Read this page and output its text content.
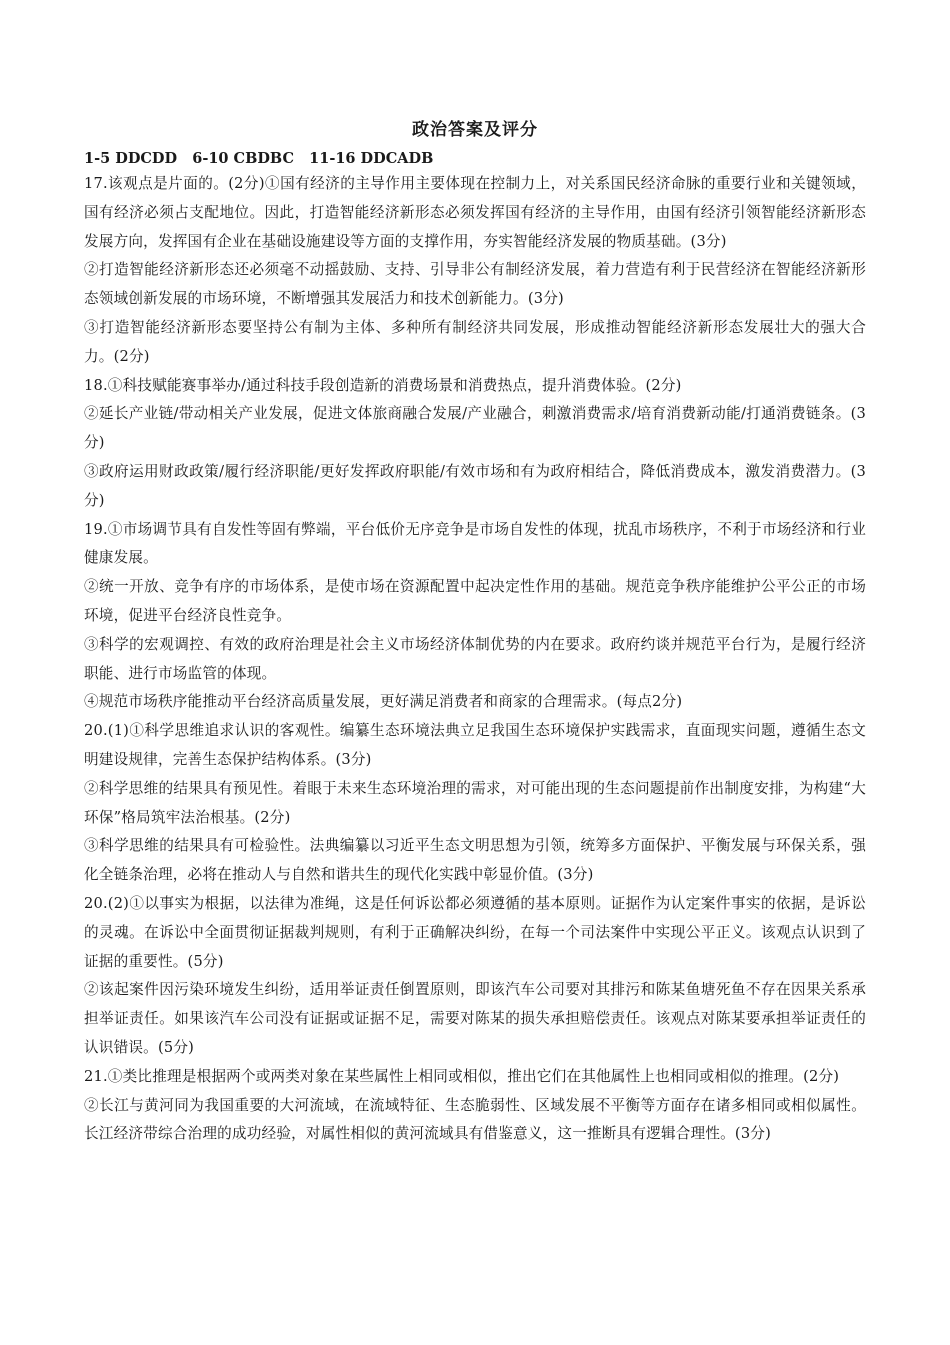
政治答案及评分

1-5 DDCDD   6-10 CBDBC   11-16 DDCADB

17.该观点是片面的。(2分)①国有经济的主导作用主要体现在控制力上，对关系国民经济命脉的重要行业和关键领域，国有经济必须占支配地位。因此，打造智能经济新形态必须发挥国有经济的主导作用，由国有经济引领智能经济新形态发展方向，发挥国有企业在基础设施建设等方面的支撑作用，夯实智能经济发展的物质基础。(3分)

②打造智能经济新形态还必须毫不动摇鼓励、支持、引导非公有制经济发展，着力营造有利于民营经济在智能经济新形态领域创新发展的市场环境，不断增强其发展活力和技术创新能力。(3分)

③打造智能经济新形态要坚持公有制为主体、多种所有制经济共同发展，形成推动智能经济新形态发展壮大的强大合力。(2分)

18.①科技赋能赛事举办/通过科技手段创造新的消费场景和消费热点，提升消费体验。(2分)

②延长产业链/带动相关产业发展，促进文体旅商融合发展/产业融合，刺激消费需求/培育消费新动能/打通消费链条。(3分)

③政府运用财政政策/履行经济职能/更好发挥政府职能/有效市场和有为政府相结合，降低消费成本，激发消费潜力。(3分)

19.①市场调节具有自发性等固有弊端，平台低价无序竞争是市场自发性的体现，扰乱市场秩序，不利于市场经济和行业健康发展。

②统一开放、竞争有序的市场体系，是使市场在资源配置中起决定性作用的基础。规范竞争秩序能维护公平公正的市场环境，促进平台经济良性竞争。

③科学的宏观调控、有效的政府治理是社会主义市场经济体制优势的内在要求。政府约谈并规范平台行为，是履行经济职能、进行市场监管的体现。

④规范市场秩序能推动平台经济高质量发展，更好满足消费者和商家的合理需求。(每点2分)

20.(1)①科学思维追求认识的客观性。编纂生态环境法典立足我国生态环境保护实践需求，直面现实问题，遵循生态文明建设规律，完善生态保护结构体系。(3分)

②科学思维的结果具有预见性。着眼于未来生态环境治理的需求，对可能出现的生态问题提前作出制度安排，为构建“大环保”格局筑牢法治根基。(2分)

③科学思维的结果具有可检验性。法典编纂以习近平生态文明思想为引领，统筹多方面保护、平衡发展与环保关系，强化全链条治理，必将在推动人与自然和谐共生的现代化实践中彰显价值。(3分)

20.(2)①以事实为根据，以法律为准绳，这是任何诉讼都必须遵循的基本原则。证据作为认定案件事实的依据，是诉讼的灵魂。在诉讼中全面贯彻证据裁判规则，有利于正确解决纠纷，在每一个司法案件中实现公平正义。该观点认识到了证据的重要性。(5分)

②该起案件因污染环境发生纠纷，适用举证责任倒置原则，即该汽车公司要对其排污和陈某鱼塘死鱼不存在因果关系承担举证责任。如果该汽车公司没有证据或证据不足，需要对陈某的损失承担赔偿责任。该观点对陈某要承担举证责任的认识错误。(5分)

21.①类比推理是根据两个或两类对象在某些属性上相同或相似，推出它们在其他属性上也相同或相似的推理。(2分)

②长江与黄河同为我国重要的大河流域，在流域特征、生态脆弱性、区域发展不平衡等方面存在诸多相同或相似属性。长江经济带综合治理的成功经验，对属性相似的黄河流域具有借鉴意义，这一推断具有逻辑合理性。(3分)
